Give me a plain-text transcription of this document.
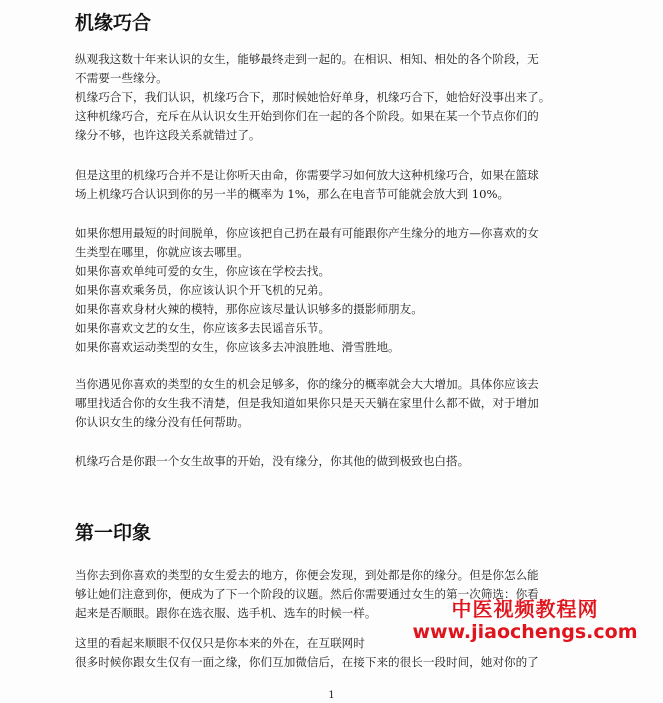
机缘巧合

纵观我这数十年来认识的女生，能够最终走到一起的。在相识、相知、相处的各个阶段，无
不需要一些缘分。
机缘巧合下，我们认识，机缘巧合下，那时候她恰好单身，机缘巧合下，她恰好没事出来了。
这种机缘巧合，充斥在从认识女生开始到你们在一起的各个阶段。如果在某一个节点你们的
缘分不够，也许这段关系就错过了。

但是这里的机缘巧合并不是让你听天由命，你需要学习如何放大这种机缘巧合，如果在篮球
场上机缘巧合认识到你的另一半的概率为 1%，那么在电音节可能就会放大到 10%。

如果你想用最短的时间脱单，你应该把自己扔在最有可能跟你产生缘分的地方—你喜欢的女
生类型在哪里，你就应该去哪里。
如果你喜欢单纯可爱的女生，你应该在学校去找。
如果你喜欢乘务员，你应该认识个开飞机的兄弟。
如果你喜欢身材火辣的模特，那你应该尽量认识够多的摄影师朋友。
如果你喜欢文艺的女生，你应该多去民谣音乐节。
如果你喜欢运动类型的女生，你应该多去冲浪胜地、滑雪胜地。

当你遇见你喜欢的类型的女生的机会足够多，你的缘分的概率就会大大增加。具体你应该去
哪里找适合你的女生我不清楚，但是我知道如果你只是天天躺在家里什么都不做，对于增加
你认识女生的缘分没有任何帮助。

机缘巧合是你跟一个女生故事的开始，没有缘分，你其他的做到极致也白搭。

第一印象

当你去到你喜欢的类型的女生爱去的地方，你便会发现，到处都是你的缘分。但是你怎么能
够让她们注意到你，便成为了下一个阶段的议题。然后你需要通过女生的第一次筛选：你看
起来是否顺眼。跟你在选衣服、选手机、选车的时候一样。

这里的看起来顺眼不仅仅只是你本来的外在，在互联网时
很多时候你跟女生仅有一面之缘，你们互加微信后，在接下来的很长一段时间，她对你的了

中医视频教程网
www.jiaochengs.com
1
